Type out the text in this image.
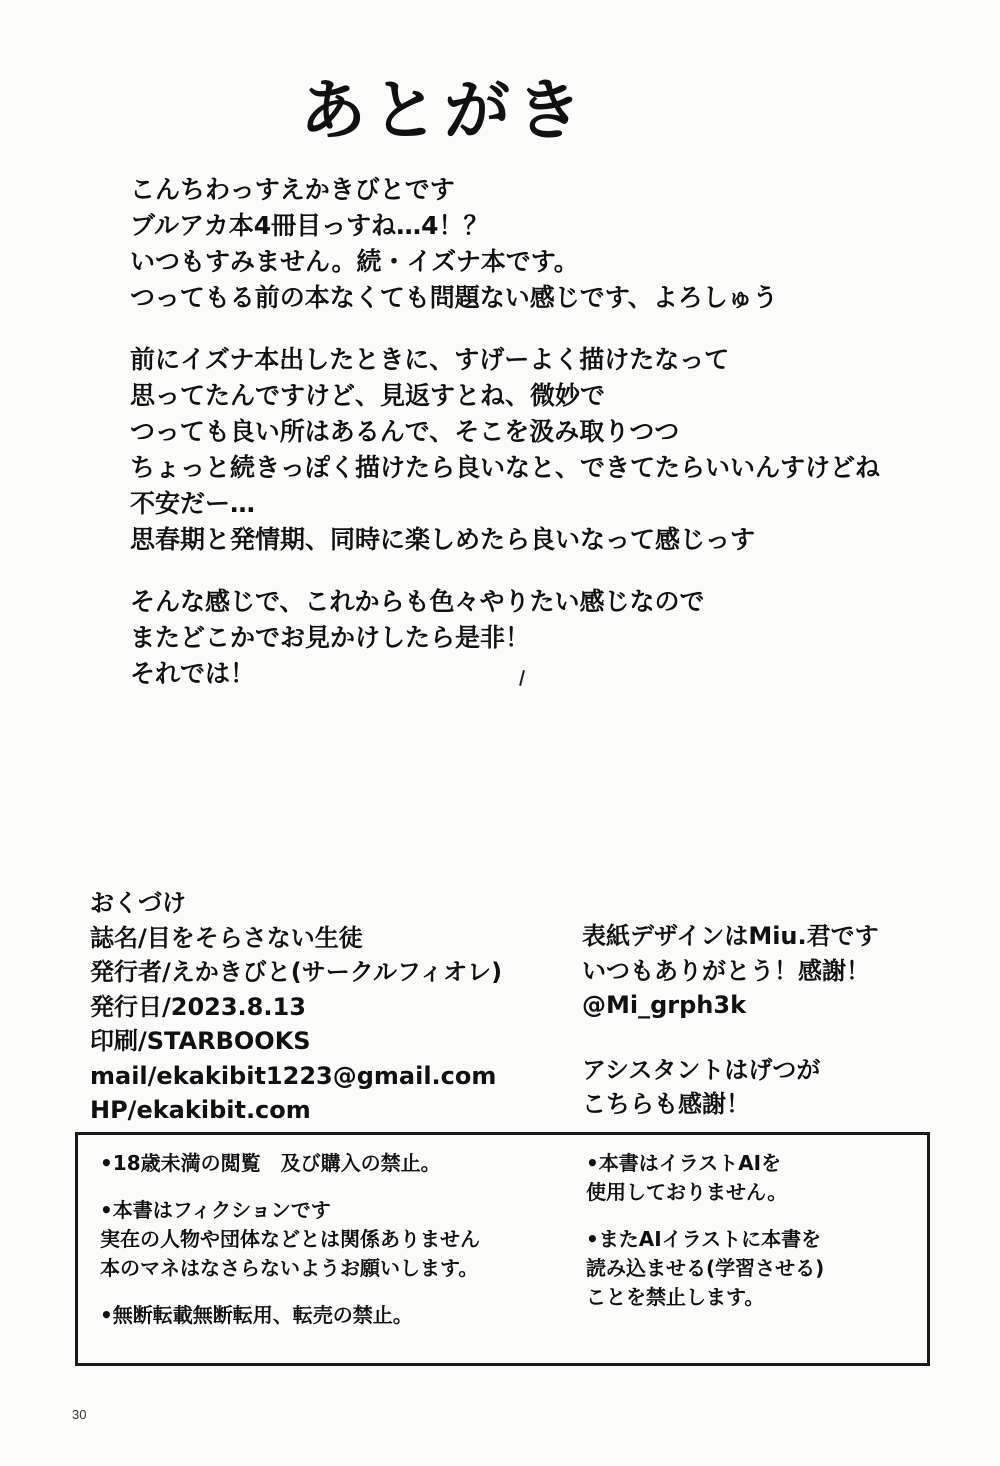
あとがき
こんちわっすえかきびとです
ブルアカ本4冊目っすね…4！？
いつもすみません。続・イズナ本です。
つってもる前の本なくても問題ない感じです、よろしゅう
前にイズナ本出したときに、すげーよく描けたなって
思ってたんですけど、見返すとね、微妙で
つっても良い所はあるんで、そこを汲み取りつつ
ちょっと続きっぽく描けたら良いなと、できてたらいいんすけどね
不安だー…
思春期と発情期、同時に楽しめたら良いなって感じっす
そんな感じで、これからも色々やりたい感じなので
またどこかでお見かけしたら是非！
それでは！
おくづけ
誌名/目をそらさない生徒
発行者/えかきびと(サークルフィオレ)
発行日/2023.8.13
印刷/STARBOOKS
mail/ekakibit1223@gmail.com
HP/ekakibit.com
表紙デザインはMiu.君です
いつもありがとう！感謝！
@Mi_grph3k
アシスタントはげつが
こちらも感謝！
•18歳未満の閲覧　及び購入の禁止。
•本書はフィクションです
実在の人物や団体などとは関係ありません
本のマネはなさらないようお願いします。
•無断転載無断転用、転売の禁止。
•本書はイラストAIを
使用しておりません。
•またAIイラストに本書を
読み込ませる(学習させる)
ことを禁止します。
30
